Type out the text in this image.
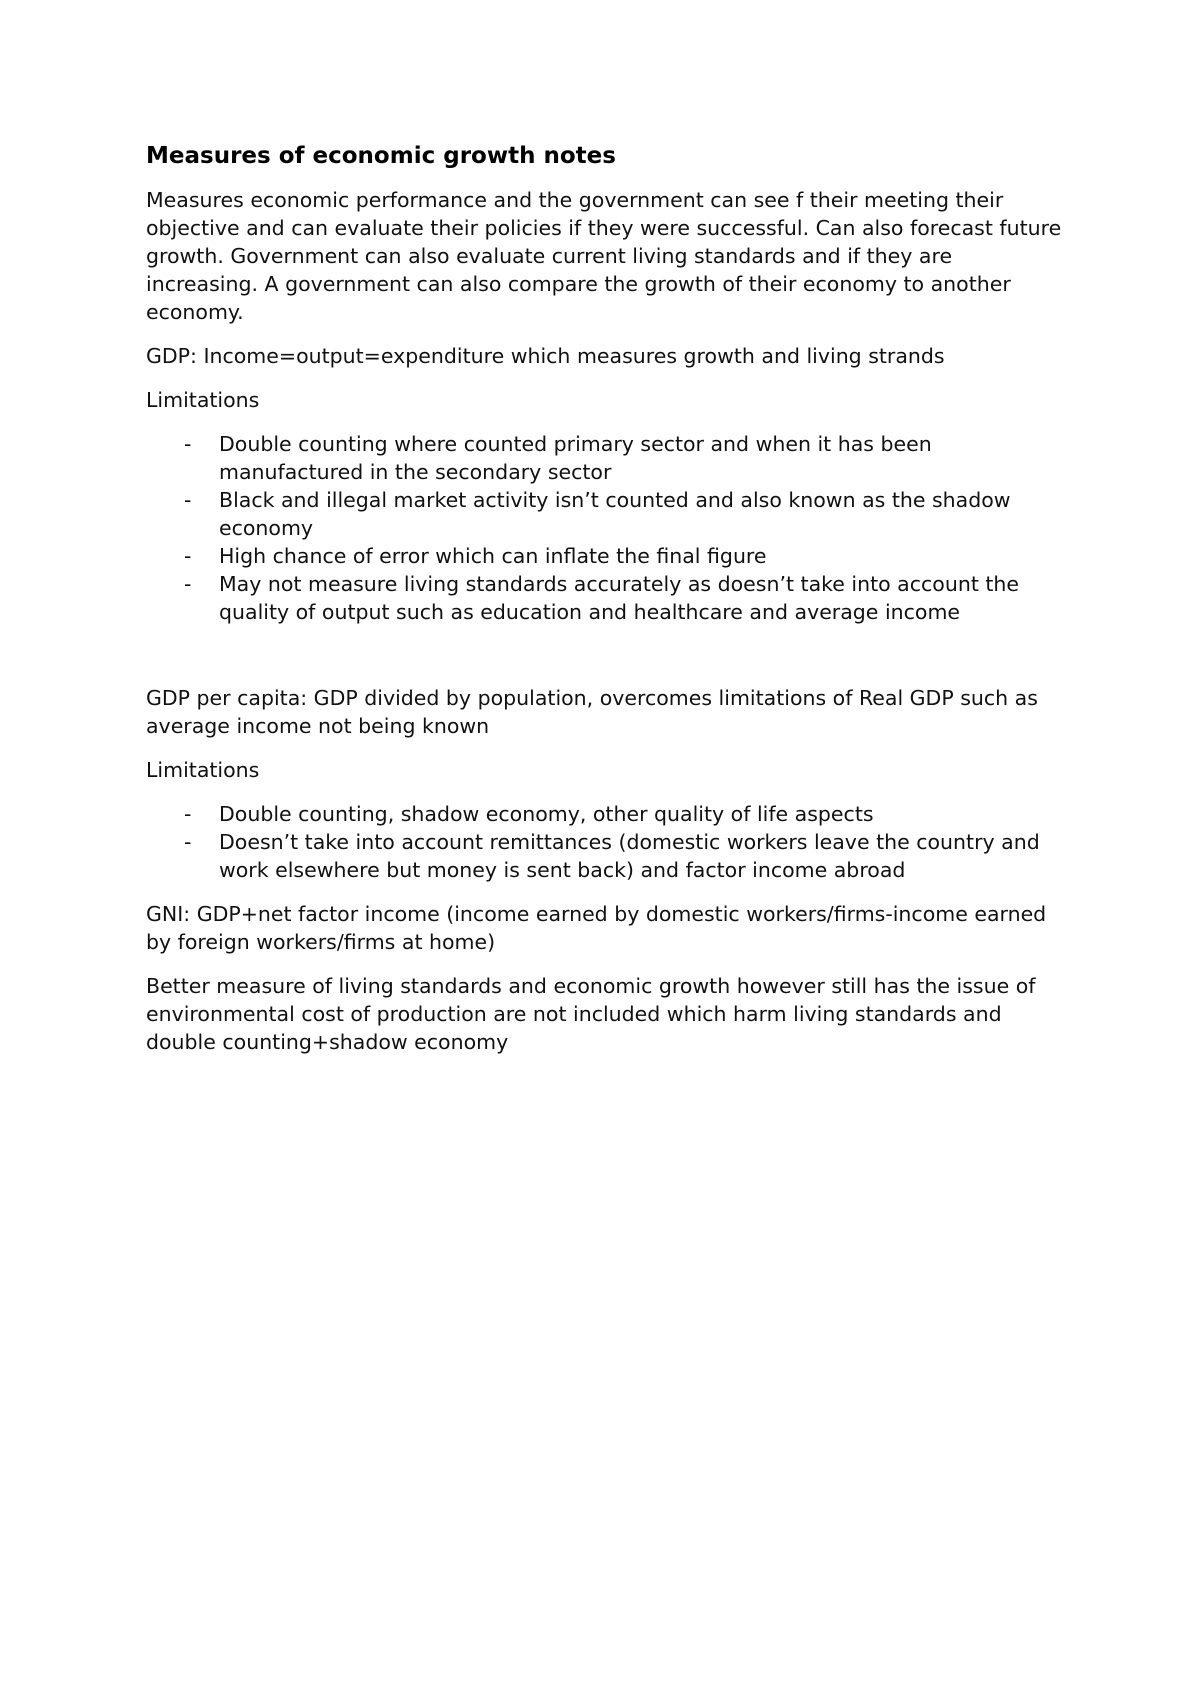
Measures of economic growth notes

Measures economic performance and the government can see f their meeting their objective and can evaluate their policies if they were successful. Can also forecast future growth. Government can also evaluate current living standards and if they are increasing. A government can also compare the growth of their economy to another economy.

GDP: Income=output=expenditure which measures growth and living strands

Limitations

- Double counting where counted primary sector and when it has been manufactured in the secondary sector
- Black and illegal market activity isn’t counted and also known as the shadow economy
- High chance of error which can inflate the final figure
- May not measure living standards accurately as doesn’t take into account the quality of output such as education and healthcare and average income

GDP per capita: GDP divided by population, overcomes limitations of Real GDP such as average income not being known

Limitations

- Double counting, shadow economy, other quality of life aspects
- Doesn’t take into account remittances (domestic workers leave the country and work elsewhere but money is sent back) and factor income abroad

GNI: GDP+net factor income (income earned by domestic workers/firms-income earned by foreign workers/firms at home)

Better measure of living standards and economic growth however still has the issue of environmental cost of production are not included which harm living standards and double counting+shadow economy
